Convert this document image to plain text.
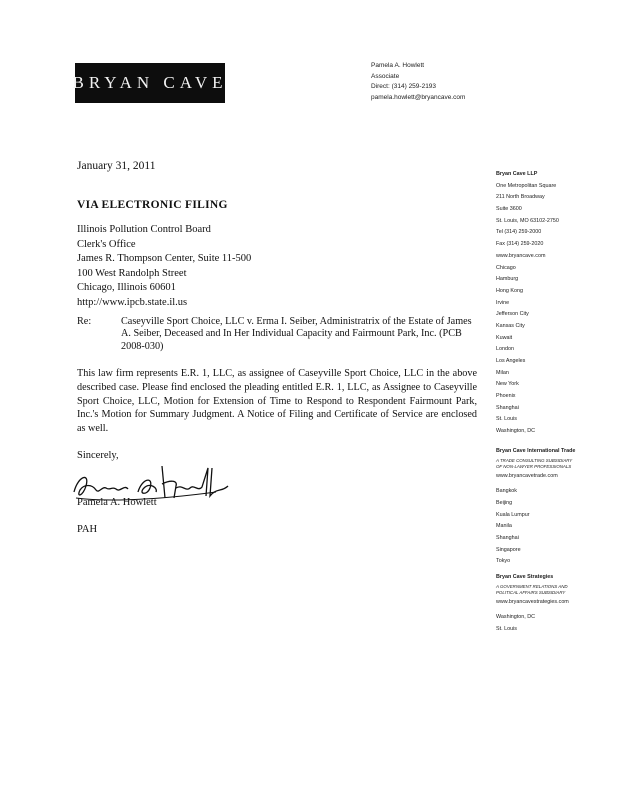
BRYAN CAVE
Pamela A. Howlett
Associate
Direct: (314) 259-2193
pamela.howlett@bryancave.com
January 31, 2011
VIA ELECTRONIC FILING
Illinois Pollution Control Board
Clerk's Office
James R. Thompson Center, Suite 11-500
100 West Randolph Street
Chicago, Illinois 60601
http://www.ipcb.state.il.us
Re:	Caseyville Sport Choice, LLC v. Erma I. Seiber, Administratrix of the Estate of James A. Seiber, Deceased and In Her Individual Capacity and Fairmount Park, Inc. (PCB 2008-030)
This law firm represents E.R. 1, LLC, as assignee of Caseyville Sport Choice, LLC in the above described case. Please find enclosed the pleading entitled E.R. 1, LLC, as Assignee to Caseyville Sport Choice, LLC, Motion for Extension of Time to Respond to Respondent Fairmount Park, Inc.'s Motion for Summary Judgment. A Notice of Filing and Certificate of Service are enclosed as well.
Sincerely,
Pamela A. Howlett
PAH
Bryan Cave LLP
One Metropolitan Square
211 North Broadway
Suite 3600
St. Louis, MO 63102-2750
Tel (314) 259-2000
Fax (314) 259-2020
www.bryancave.com
Chicago
Hamburg
Hong Kong
Irvine
Jefferson City
Kansas City
Kuwait
London
Los Angeles
Milan
New York
Phoenix
Shanghai
St. Louis
Washington, DC
Bryan Cave International Trade
A TRADE CONSULTING SUBSIDIARY
OF NON-LAWYER PROFESSIONALS
www.bryancavetrade.com
Bangkok
Beijing
Kuala Lumpur
Manila
Shanghai
Singapore
Tokyo
Bryan Cave Strategies
A GOVERNMENT RELATIONS AND
POLITICAL AFFAIRS SUBSIDIARY
www.bryancavestrategies.com
Washington, DC
St. Louis
